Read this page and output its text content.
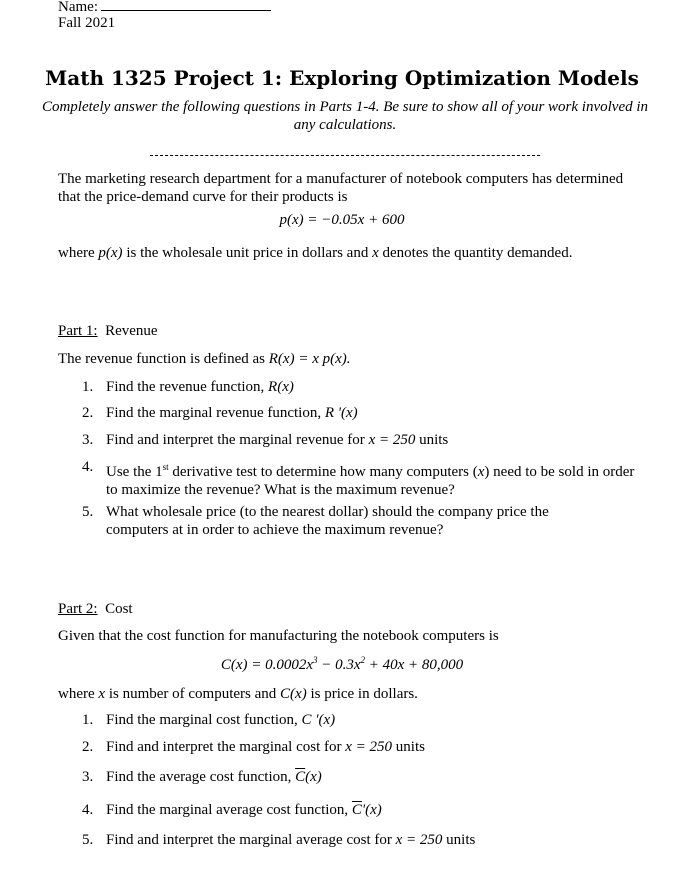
Name:
Fall 2021
Math 1325 Project 1: Exploring Optimization Models
Completely answer the following questions in Parts 1-4. Be sure to show all of your work involved in any calculations.
The marketing research department for a manufacturer of notebook computers has determined that the price-demand curve for their products is
p(x) = −0.05x + 600
where p(x) is the wholesale unit price in dollars and x denotes the quantity demanded.
Part 1: Revenue
The revenue function is defined as R(x) = x p(x).
1. Find the revenue function, R(x)
2. Find the marginal revenue function, R '(x)
3. Find and interpret the marginal revenue for x = 250 units
4. Use the 1st derivative test to determine how many computers (x) need to be sold in order to maximize the revenue? What is the maximum revenue?
5. What wholesale price (to the nearest dollar) should the company price the computers at in order to achieve the maximum revenue?
Part 2: Cost
Given that the cost function for manufacturing the notebook computers is
$C(x) = 0.0002x^3 - 0.3x^2 + 40x + 80,000$
where x is number of computers and C(x) is price in dollars.
1. Find the marginal cost function, C '(x)
2. Find and interpret the marginal cost for x = 250 units
3. Find the average cost function, $\overline{C}(x)$
4. Find the marginal average cost function, $\overline{C}'(x)$
5. Find and interpret the marginal average cost for x = 250 units
